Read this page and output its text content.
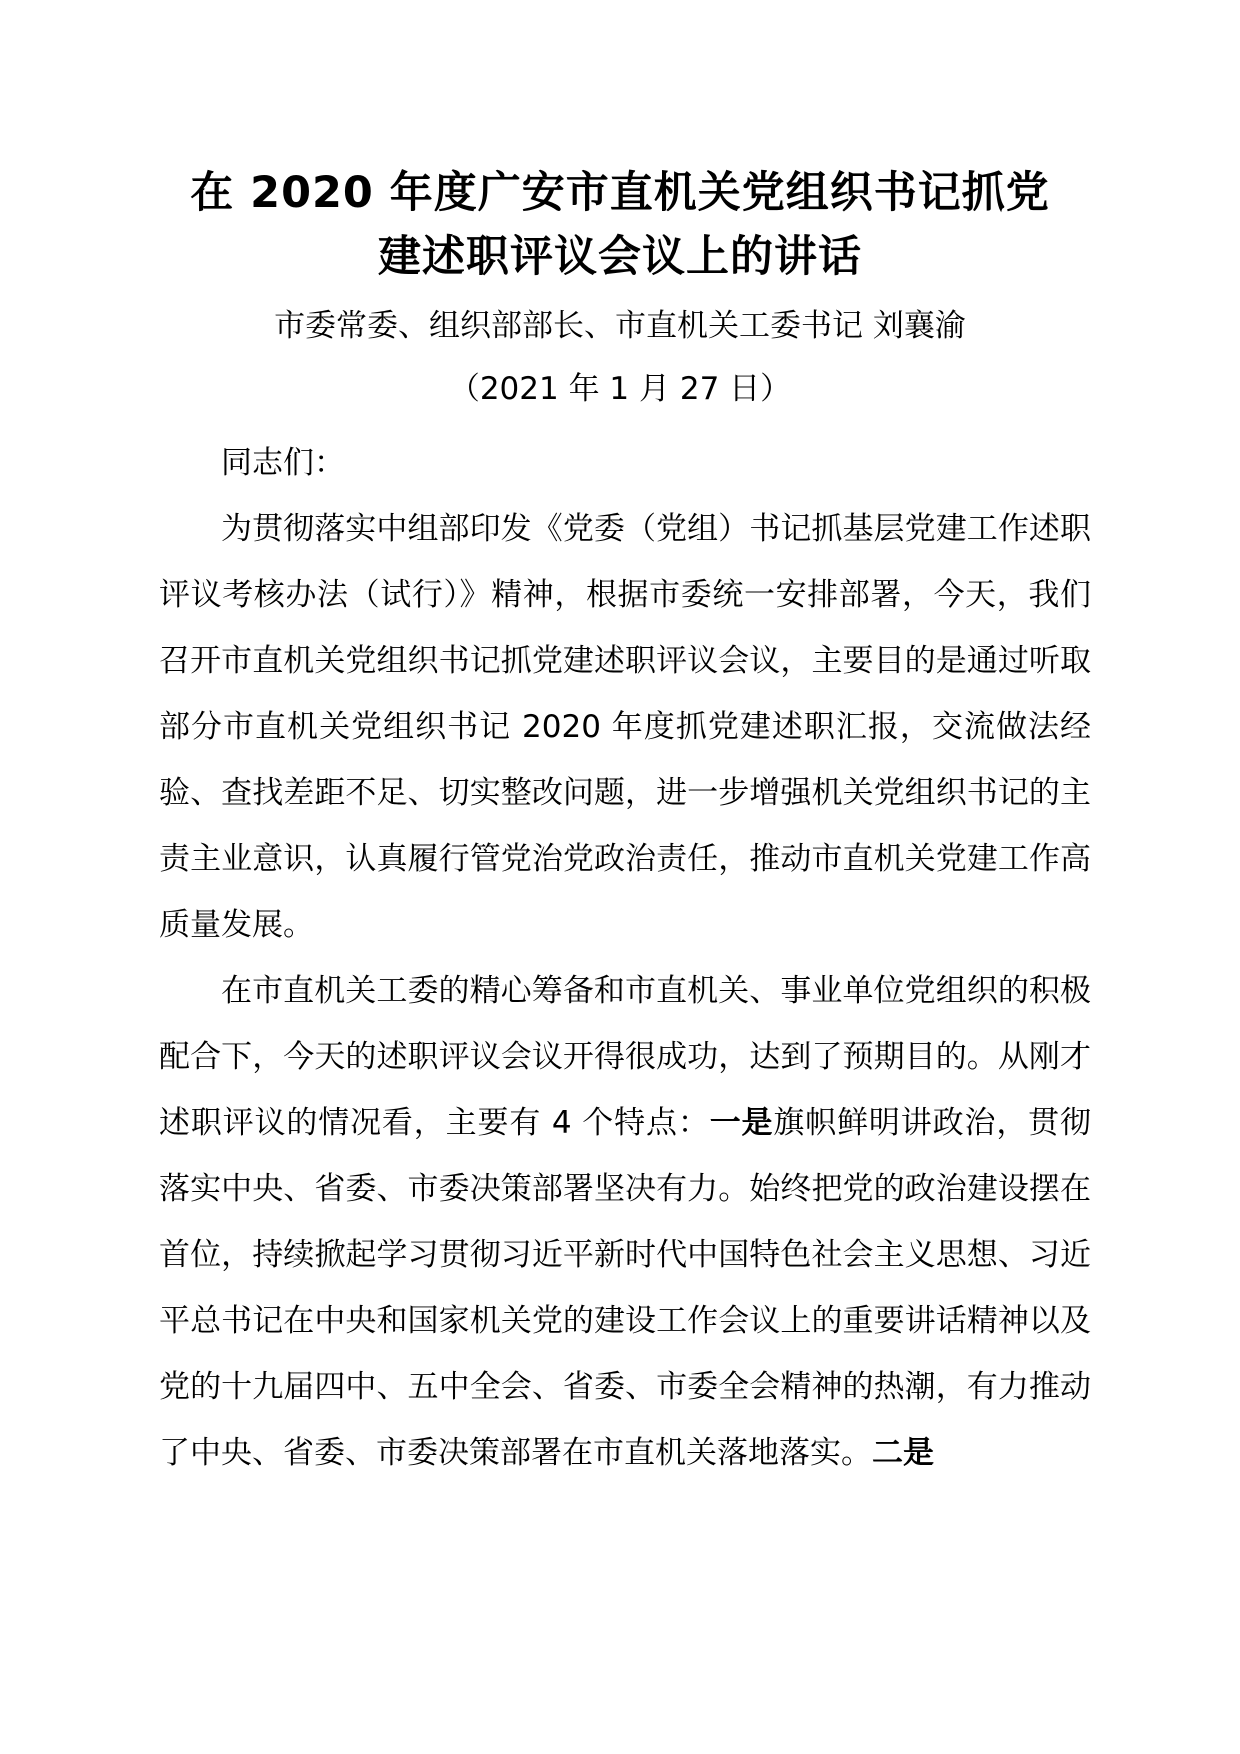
在 2020 年度广安市直机关党组织书记抓党
建述职评议会议上的讲话
市委常委、组织部部长、市直机关工委书记 刘襄渝
（2021 年 1 月 27 日）

同志们：

为贯彻落实中组部印发《党委（党组）书记抓基层党建工作述职评议考核办法（试行）》精神，根据市委统一安排部署，今天，我们召开市直机关党组织书记抓党建述职评议会议，主要目的是通过听取部分市直机关党组织书记 2020 年度抓党建述职汇报，交流做法经验、查找差距不足、切实整改问题，进一步增强机关党组织书记的主责主业意识，认真履行管党治党政治责任，推动市直机关党建工作高质量发展。

在市直机关工委的精心筹备和市直机关、事业单位党组织的积极配合下，今天的述职评议会议开得很成功，达到了预期目的。从刚才述职评议的情况看，主要有 4 个特点：一是旗帜鲜明讲政治，贯彻落实中央、省委、市委决策部署坚决有力。始终把党的政治建设摆在首位，持续掀起学习贯彻习近平新时代中国特色社会主义思想、习近平总书记在中央和国家机关党的建设工作会议上的重要讲话精神以及党的十九届四中、五中全会、省委、市委全会精神的热潮，有力推动了中央、省委、市委决策部署在市直机关落地落实。二是
